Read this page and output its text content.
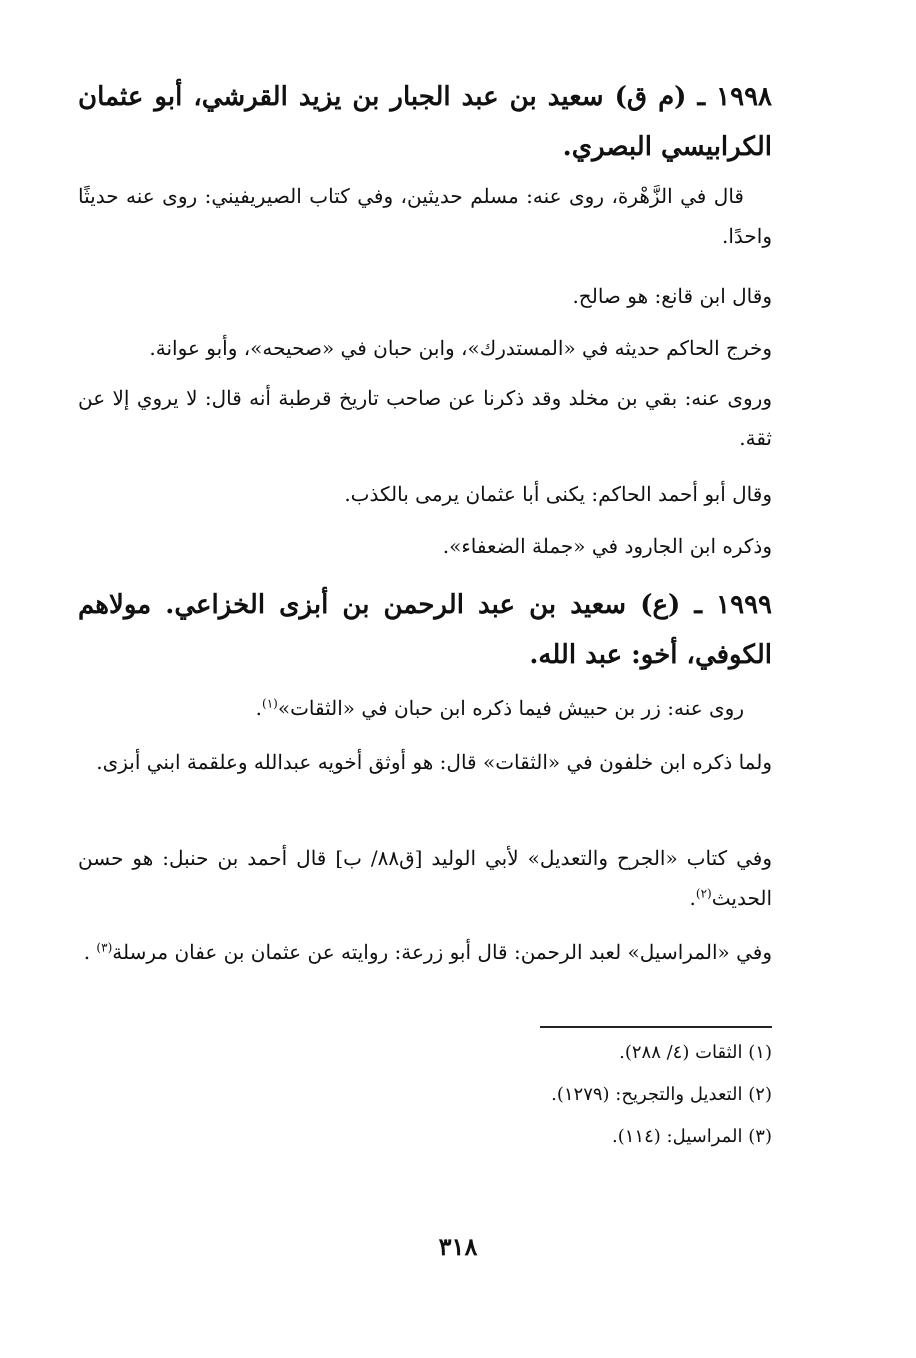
١٩٩٨ ـ (م ق) سعيد بن عبد الجبار بن يزيد القرشي، أبو عثمان الكرابيسي البصري.
قال في الزَّهْرة، روى عنه: مسلم حديثين، وفي كتاب الصيريفيني: روى عنه حديثًا واحدًا.
وقال ابن قانع: هو صالح.
وخرج الحاكم حديثه في «المستدرك»، وابن حبان في «صحيحه»، وأبو عوانة.
وروى عنه: بقي بن مخلد وقد ذكرنا عن صاحب تاريخ قرطبة أنه قال: لا يروي إلا عن ثقة.
وقال أبو أحمد الحاكم: يكنى أبا عثمان يرمى بالكذب.
وذكره ابن الجارود في «جملة الضعفاء».
١٩٩٩ ـ (ع) سعيد بن عبد الرحمن بن أبزى الخزاعي. مولاهم الكوفي، أخو: عبد الله.
روى عنه: زر بن حبيش فيما ذكره ابن حبان في «الثقات»$^{(١)}$.
ولما ذكره ابن خلفون في «الثقات» قال: هو أوثق أخويه عبدالله وعلقمة ابني أبزى.
وفي كتاب «الجرح والتعديل» لأبي الوليد [ق٨٨/ ب] قال أحمد بن حنبل: هو حسن الحديث$^{(٢)}$.
وفي «المراسيل» لعبد الرحمن: قال أبو زرعة: روايته عن عثمان بن عفان مرسلة$^{(٣)}$ .
(١) الثقات (٤/ ٢٨٨).
(٢) التعديل والتجريح: (١٢٧٩).
(٣) المراسيل: (١١٤).
٣١٨
